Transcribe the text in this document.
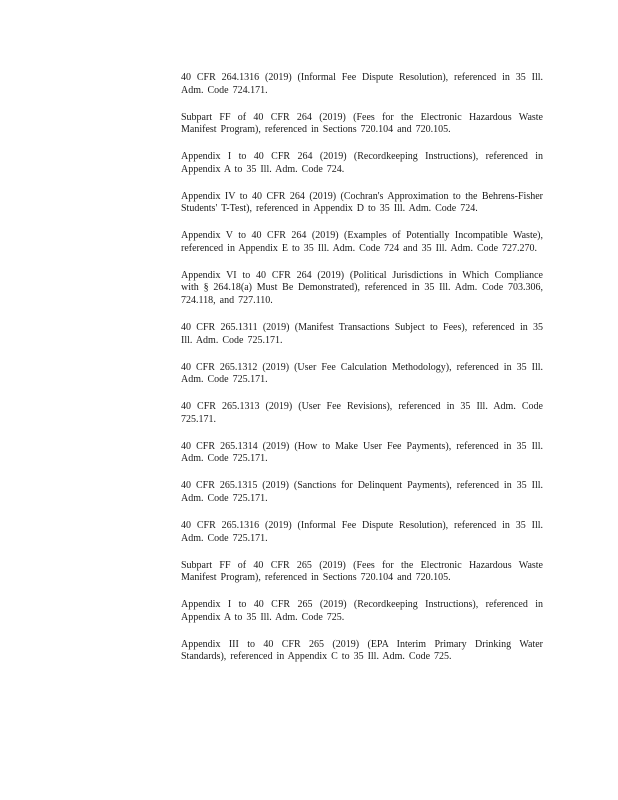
40 CFR 264.1316 (2019) (Informal Fee Dispute Resolution), referenced in 35 Ill. Adm. Code 724.171.

Subpart FF of 40 CFR 264 (2019) (Fees for the Electronic Hazardous Waste Manifest Program), referenced in Sections 720.104 and 720.105.

Appendix I to 40 CFR 264 (2019) (Recordkeeping Instructions), referenced in Appendix A to 35 Ill. Adm. Code 724.

Appendix IV to 40 CFR 264 (2019) (Cochran's Approximation to the Behrens-Fisher Students' T-Test), referenced in Appendix D to 35 Ill. Adm. Code 724.

Appendix V to 40 CFR 264 (2019) (Examples of Potentially Incompatible Waste), referenced in Appendix E to 35 Ill. Adm. Code 724 and 35 Ill. Adm. Code 727.270.

Appendix VI to 40 CFR 264 (2019) (Political Jurisdictions in Which Compliance with § 264.18(a) Must Be Demonstrated), referenced in 35 Ill. Adm. Code 703.306, 724.118, and 727.110.

40 CFR 265.1311 (2019) (Manifest Transactions Subject to Fees), referenced in 35 Ill. Adm. Code 725.171.

40 CFR 265.1312 (2019) (User Fee Calculation Methodology), referenced in 35 Ill. Adm. Code 725.171.

40 CFR 265.1313 (2019) (User Fee Revisions), referenced in 35 Ill. Adm. Code 725.171.

40 CFR 265.1314 (2019) (How to Make User Fee Payments), referenced in 35 Ill. Adm. Code 725.171.

40 CFR 265.1315 (2019) (Sanctions for Delinquent Payments), referenced in 35 Ill. Adm. Code 725.171.

40 CFR 265.1316 (2019) (Informal Fee Dispute Resolution), referenced in 35 Ill. Adm. Code 725.171.

Subpart FF of 40 CFR 265 (2019) (Fees for the Electronic Hazardous Waste Manifest Program), referenced in Sections 720.104 and 720.105.

Appendix I to 40 CFR 265 (2019) (Recordkeeping Instructions), referenced in Appendix A to 35 Ill. Adm. Code 725.

Appendix III to 40 CFR 265 (2019) (EPA Interim Primary Drinking Water Standards), referenced in Appendix C to 35 Ill. Adm. Code 725.
